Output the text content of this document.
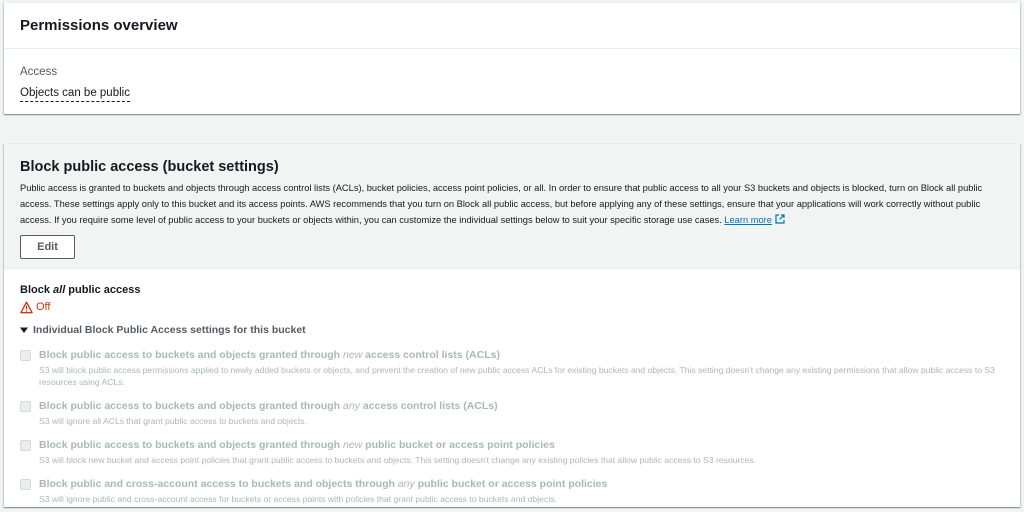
Permissions overview
Access
Objects can be public
Block public access (bucket settings)

Public access is granted to buckets and objects through access control lists (ACLs), bucket policies, access point policies, or all. In order to ensure that public access to all your S3 buckets and objects is blocked, turn on Block all public access. These settings apply only to this bucket and its access points. AWS recommends that you turn on Block all public access, but before applying any of these settings, ensure that your applications will work correctly without public access. If you require some level of public access to your buckets or objects within, you can customize the individual settings below to suit your specific storage use cases. Learn more

Edit
Block all public access
Off
Individual Block Public Access settings for this bucket
Block public access to buckets and objects granted through new access control lists (ACLs)
S3 will block public access permissions applied to newly added buckets or objects, and prevent the creation of new public access ACLs for existing buckets and objects. This setting doesn't change any existing permissions that allow public access to S3 resources using ACLs.
Block public access to buckets and objects granted through any access control lists (ACLs)
S3 will ignore all ACLs that grant public access to buckets and objects.
Block public access to buckets and objects granted through new public bucket or access point policies
S3 will block new bucket and access point policies that grant public access to buckets and objects. This setting doesn't change any existing policies that allow public access to S3 resources.
Block public and cross-account access to buckets and objects through any public bucket or access point policies
S3 will ignore public and cross-account access for buckets or access points with policies that grant public access to buckets and objects.
